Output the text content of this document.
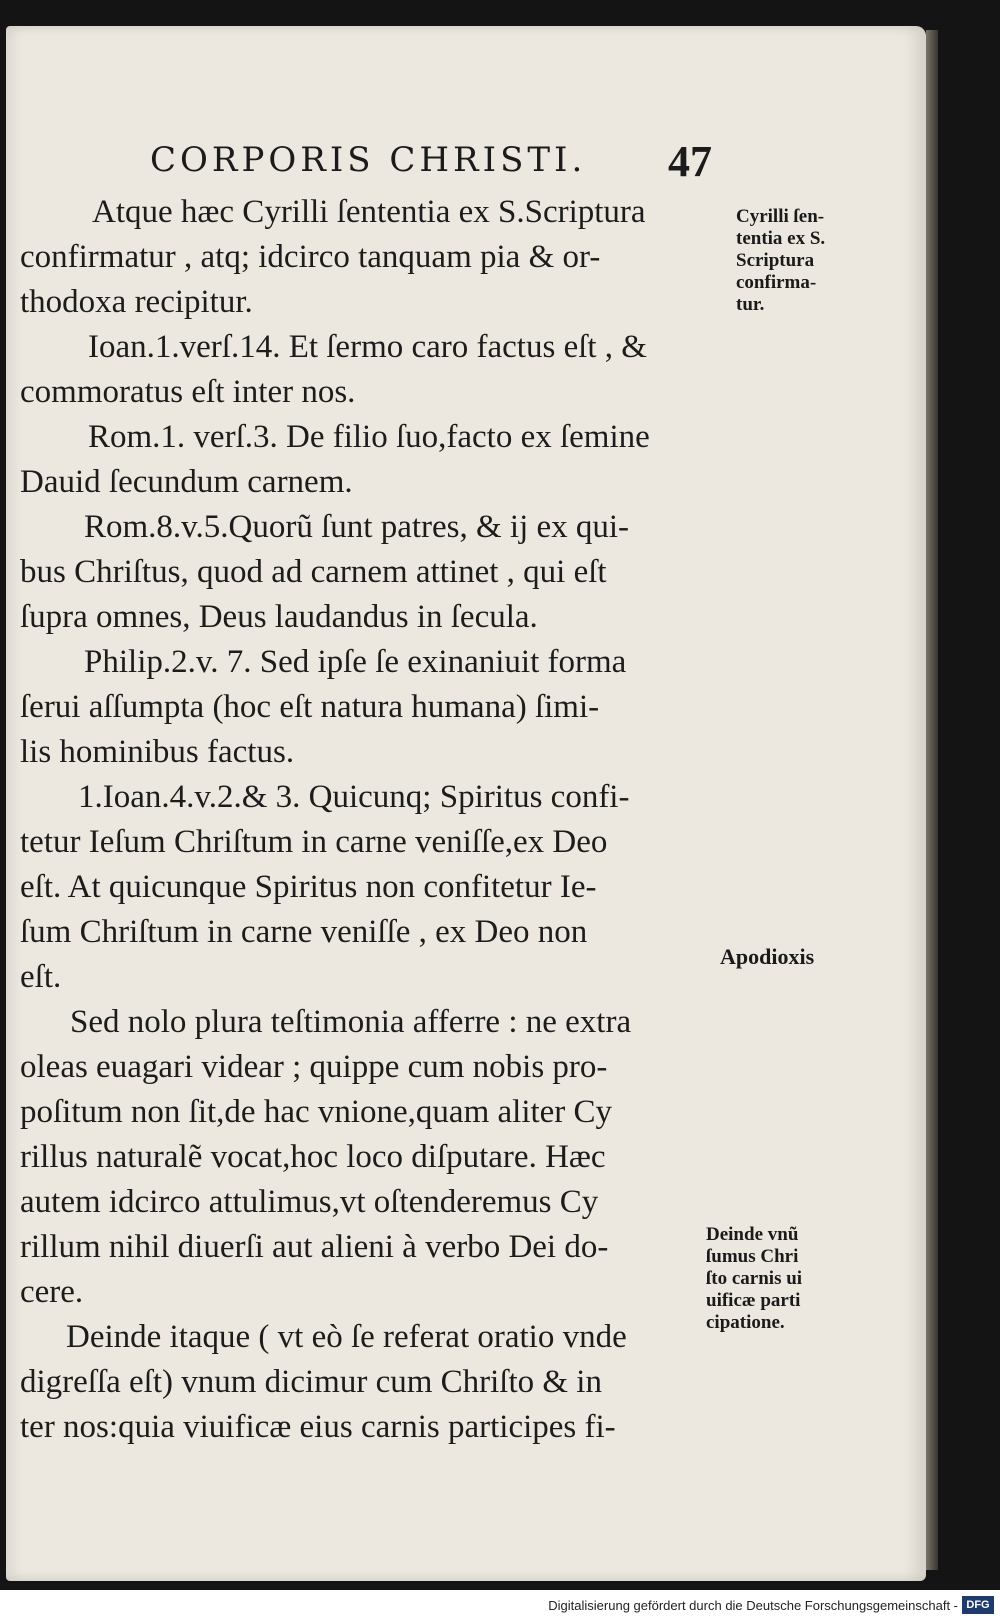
CORPORIS CHRISTI.	47
Atque hæc Cyrilli ſententia ex S.Scriptura
confirmatur , atq; idcirco tanquam pia & or-
thodoxa recipitur.
Ioan.1.verſ.14. Et ſermo caro factus eſt , &
commoratus eſt inter nos.
Rom.1. verſ.3. De filio ſuo,facto ex ſemine
Dauid ſecundum carnem.
Rom.8.v.5.Quorũ ſunt patres, & ij ex qui-
bus Chriſtus, quod ad carnem attinet , qui eſt
ſupra omnes, Deus laudandus in ſecula.
Philip.2.v. 7. Sed ipſe ſe exinaniuit forma
ſerui aſſumpta (hoc eſt natura humana) ſimi-
lis hominibus factus.
1.Ioan.4.v.2.& 3. Quicunq; Spiritus confi-
tetur Ieſum Chriſtum in carne veniſſe,ex Deo
eſt. At quicunque Spiritus non confitetur Ie-
ſum Chriſtum in carne veniſſe , ex Deo non
eſt.
Sed nolo plura teſtimonia afferre : ne extra
oleas euagari videar ; quippe cum nobis pro-
poſitum non ſit,de hac vnione,quam aliter Cy
rillus naturalẽ vocat,hoc loco diſputare. Hæc
autem idcirco attulimus,vt oſtenderemus Cy
rillum nihil diuerſi aut alieni à verbo Dei do-
cere.
Deinde itaque ( vt eò ſe referat oratio vnde
digreſſa eſt) vnum dicimur cum Chriſto & in
ter nos:quia viuificæ eius carnis participes fi-
Cyrilli ſen-
tentia ex S.
Scriptura
confirma-
tur.
Apodioxis
Deinde vnũ
ſumus Chri
ſto carnis ui
uificæ parti
cipatione.
Digitalisierung gefördert durch die Deutsche Forschungsgemeinschaft - DFG
